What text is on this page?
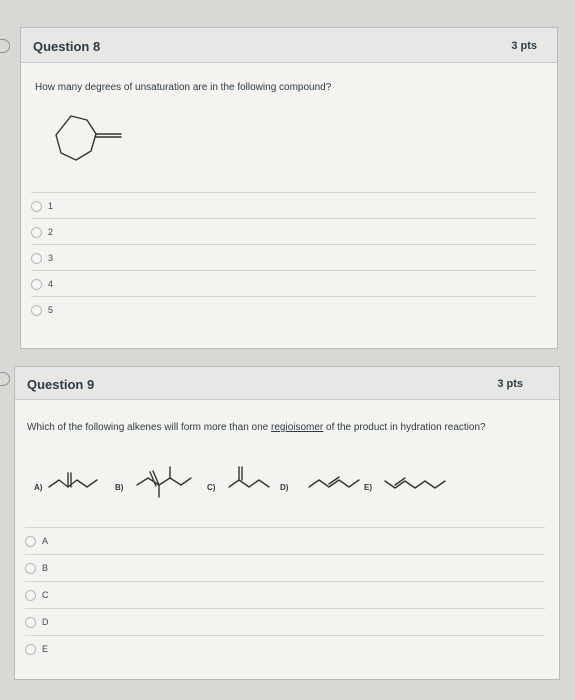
Question 8	3 pts
How many degrees of unsaturation are in the following compound?
1
2
3
4
5
Question 9	3 pts
Which of the following alkenes will form more than one regioisomer of the product in hydration reaction?
A)	B)	C)	D)	E)
A
B
C
D
E
